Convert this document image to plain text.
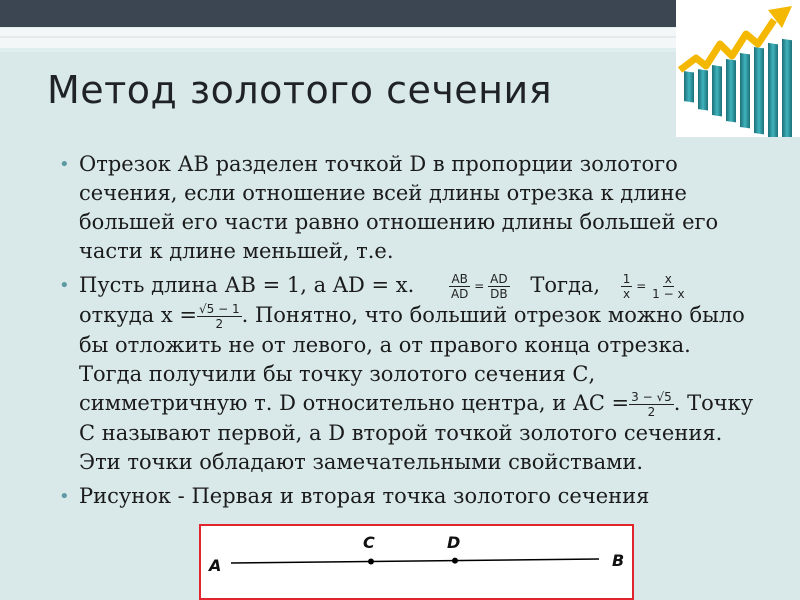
Метод золотого сечения
• Отрезок АВ разделен точкой D в пропорции золотого сечения, если отношение всей длины отрезка к длине большей его части равно отношению длины большей его части к длине меньшей, т.е.
• Пусть длина АВ = 1, а AD = x.	$\frac{AB}{AD} = \frac{AD}{DB}$ Тогда, $\frac{1}{x} = \frac{x}{1 - x}$
откуда $x = \frac{√5 - 1}{2}$ . Понятно, что больший отрезок можно было бы отложить не от левого, а от правого конца отрезка. Тогда получили бы точку золотого сечения С, симметричную т. D относительно центра, и АС = $\frac{3 - √5}{2}$ . Точку С называют первой, а D второй точкой золотого сечения. Эти точки обладают замечательными свойствами.
• Рисунок - Первая и вторая точка золотого сечения
A
C	D
B
